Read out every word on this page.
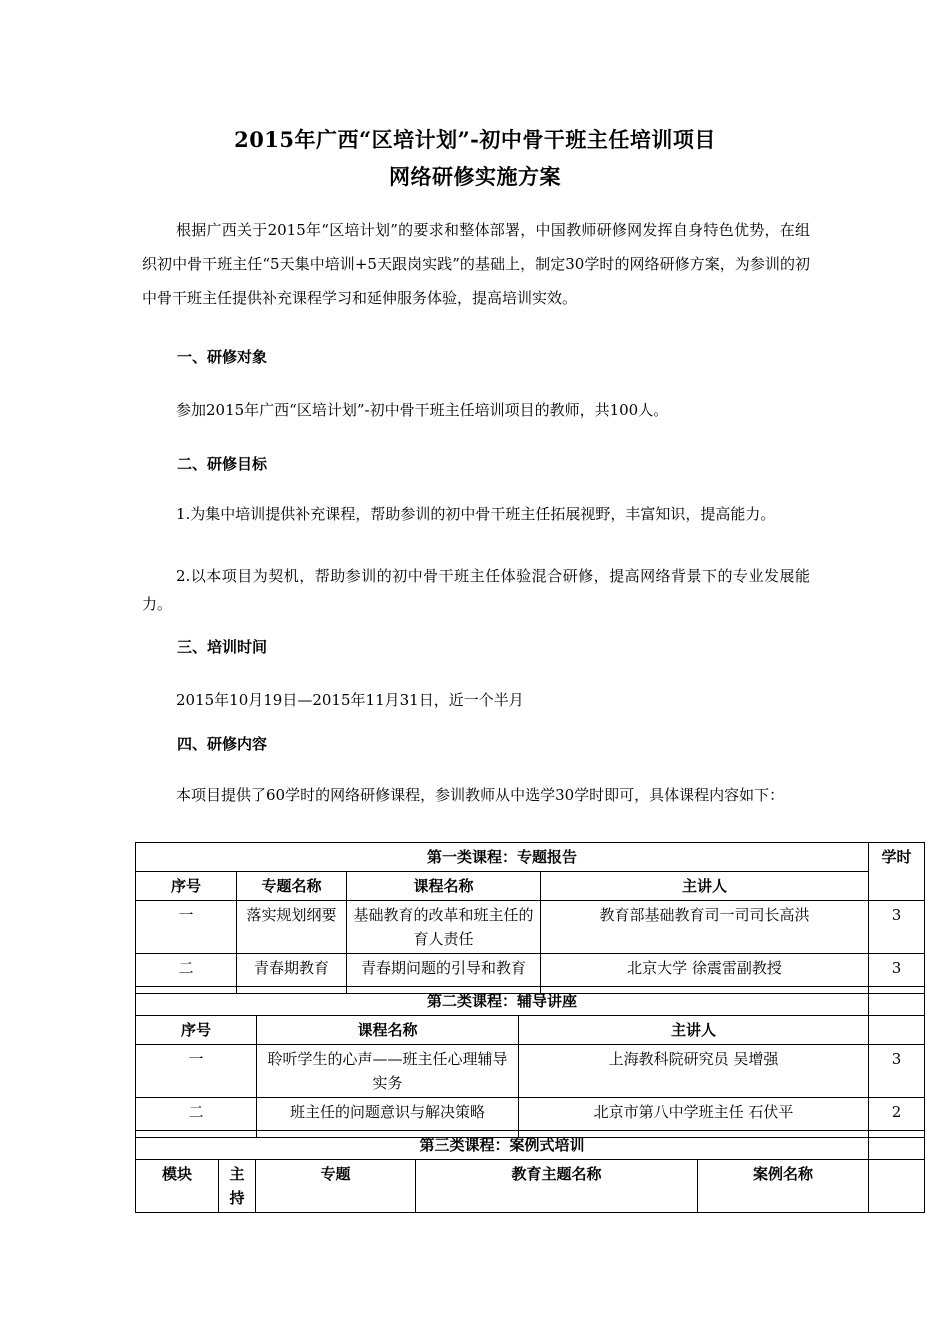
2015年广西“区培计划”-初中骨干班主任培训项目
网络研修实施方案
根据广西关于2015年“区培计划”的要求和整体部署，中国教师研修网发挥自身特色优势，在组织初中骨干班主任“5天集中培训+5天跟岗实践”的基础上，制定30学时的网络研修方案，为参训的初中骨干班主任提供补充课程学习和延伸服务体验，提高培训实效。
一、研修对象
参加2015年广西“区培计划”-初中骨干班主任培训项目的教师，共100人。
二、研修目标
1.为集中培训提供补充课程，帮助参训的初中骨干班主任拓展视野，丰富知识，提高能力。
2.以本项目为契机，帮助参训的初中骨干班主任体验混合研修，提高网络背景下的专业发展能力。
三、培训时间
2015年10月19日—2015年11月31日，近一个半月
四、研修内容
本项目提供了60学时的网络研修课程，参训教师从中选学30学时即可，具体课程内容如下：
第一类课程：专题报告				学时
序号	专题名称	课程名称	主讲人	
一	落实规划纲要	基础教育的改革和班主任的育人责任	教育部基础教育司一司司长高洪	3
二	青春期教育	青春期问题的引导和教育	北京大学 徐震雷副教授	3
第二类课程：辅导讲座			
序号	课程名称	主讲人	
一	聆听学生的心声——班主任心理辅导实务	上海教科院研究员 吴增强	3
二	班主任的问题意识与解决策略	北京市第八中学班主任 石伏平	2
第三类课程：案例式培训					
模块	主持	专题	教育主题名称	案例名称	
